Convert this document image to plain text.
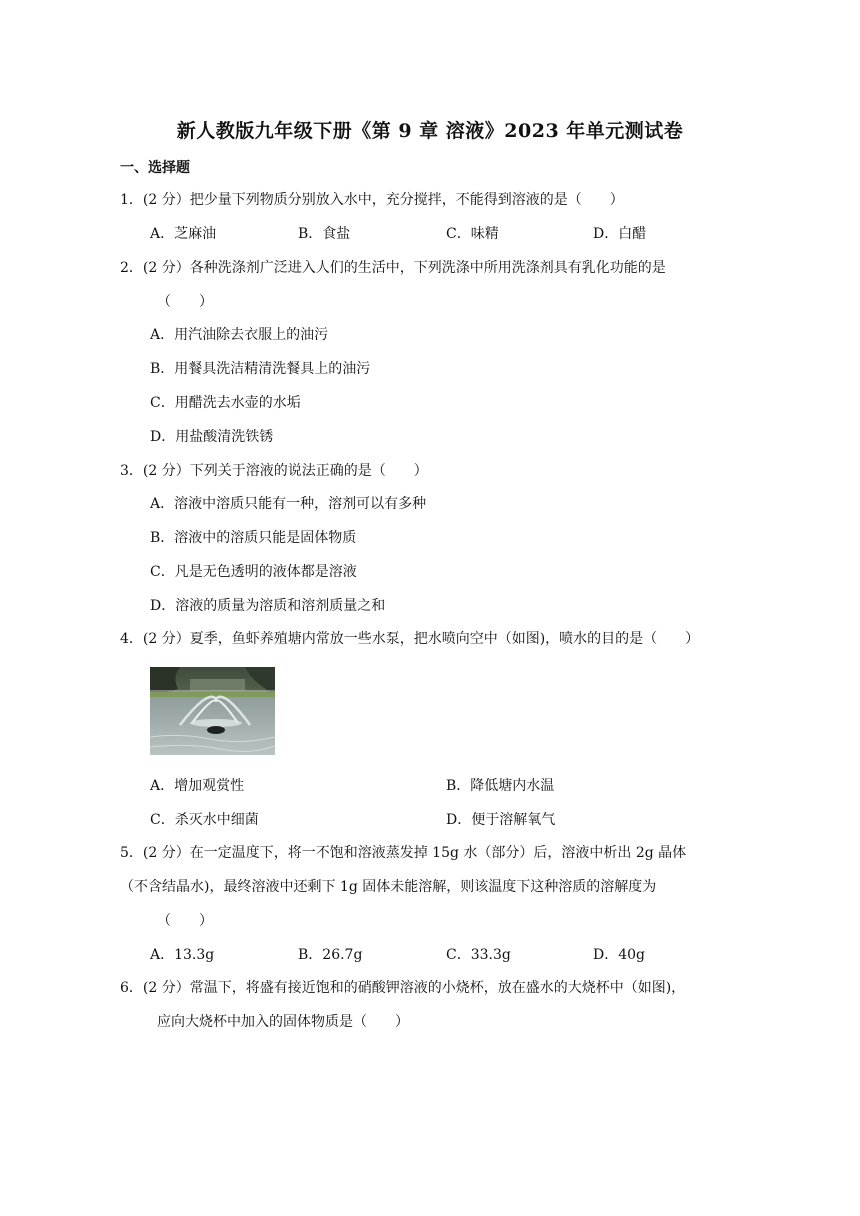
新人教版九年级下册《第 9 章 溶液》2023 年单元测试卷
一、选择题
1．(2 分）把少量下列物质分别放入水中，充分搅拌，不能得到溶液的是（　　）
A．芝麻油	B．食盐	C．味精	D．白醋
2．(2 分）各种洗涤剂广泛进入人们的生活中，下列洗涤中所用洗涤剂具有乳化功能的是
（　　）
A．用汽油除去衣服上的油污
B．用餐具洗洁精清洗餐具上的油污
C．用醋洗去水壶的水垢
D．用盐酸清洗铁锈
3．(2 分）下列关于溶液的说法正确的是（　　）
A．溶液中溶质只能有一种，溶剂可以有多种
B．溶液中的溶质只能是固体物质
C．凡是无色透明的液体都是溶液
D．溶液的质量为溶质和溶剂质量之和
4．(2 分）夏季，鱼虾养殖塘内常放一些水泵，把水喷向空中（如图)，喷水的目的是（　　）
A．增加观赏性	B．降低塘内水温
C．杀灭水中细菌	D．便于溶解氧气
5．(2 分）在一定温度下，将一不饱和溶液蒸发掉 15g 水（部分）后，溶液中析出 2g 晶体
（不含结晶水)，最终溶液中还剩下 1g 固体未能溶解，则该温度下这种溶质的溶解度为
（　　）
A．13.3g	B．26.7g	C．33.3g	D．40g
6．(2 分）常温下，将盛有接近饱和的硝酸钾溶液的小烧杯，放在盛水的大烧杯中（如图)，
应向大烧杯中加入的固体物质是（　　）
